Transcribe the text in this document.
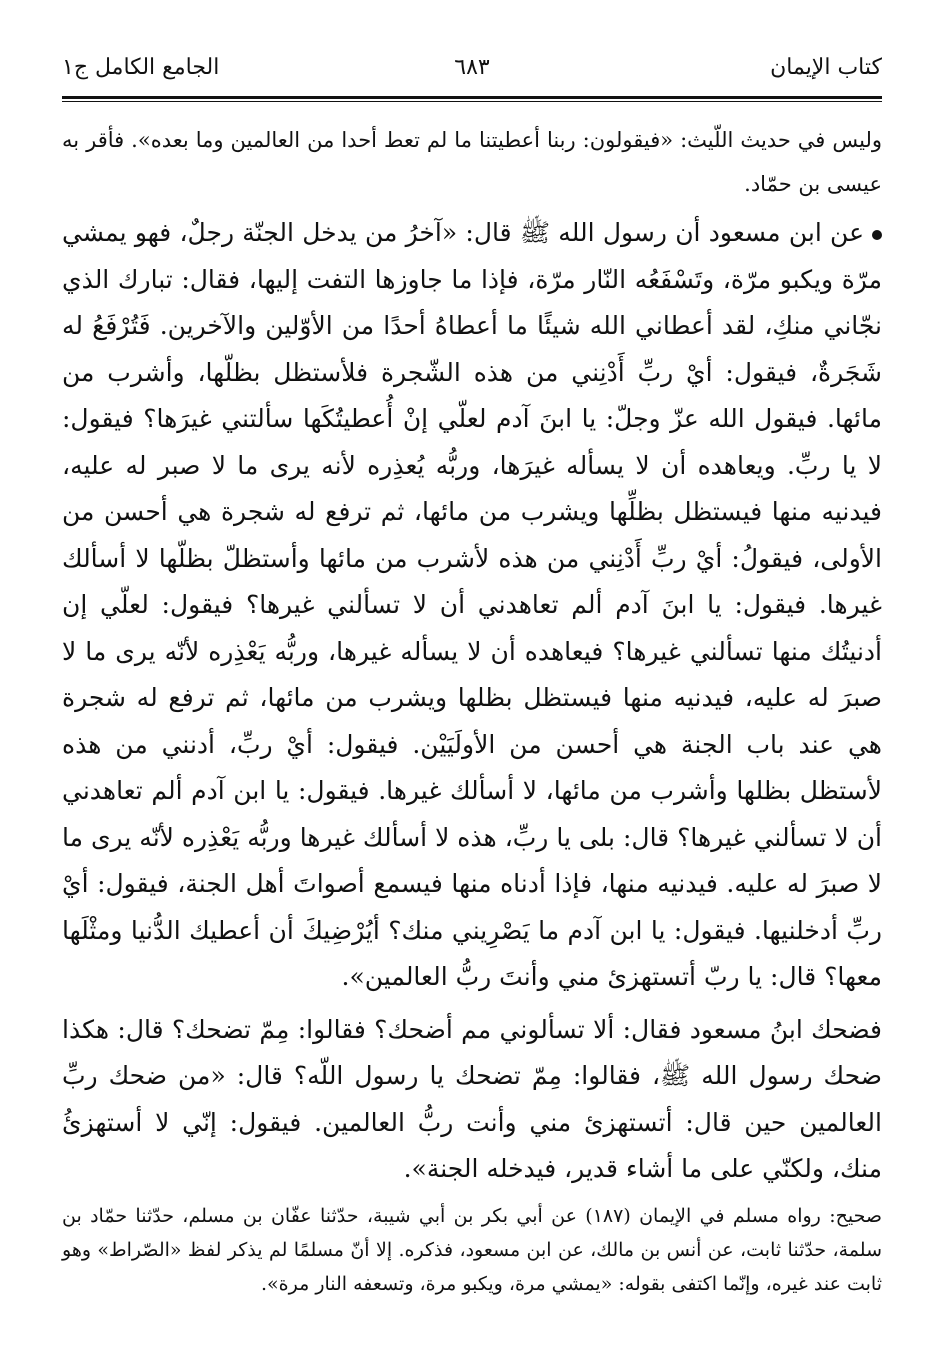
كتاب الإيمان
٦٨٣
الجامع الكامل ج١

وليس في حديث اللّيث: «فيقولون: ربنا أعطيتنا ما لم تعط أحدا من العالمين وما بعده». فأقر به عيسى بن حمّاد.

عن ابن مسعود أن رسول الله ﷺ قال: «آخرُ من يدخل الجنّة رجلٌ، فهو يمشي مرّة ويكبو مرّة، وتَسْفَعُه النّار مرّة، فإذا ما جاوزها التفت إليها، فقال: تبارك الذي نجّاني منكِ، لقد أعطاني الله شيئًا ما أعطاهُ أحدًا من الأوّلين والآخرين. فَتُرْفَعُ له شَجَرةٌ، فيقول: أيْ ربِّ أَدْنِني من هذه الشّجرة فلأستظل بظلّها، وأشرب من مائها. فيقول الله عزّ وجلّ: يا ابنَ آدم لعلّي إنْ أُعطيتُكَها سألتني غيرَها؟ فيقول: لا يا ربِّ. ويعاهده أن لا يسأله غيرَها، وربُّه يُعذِره لأنه يرى ما لا صبر له عليه، فيدنيه منها فيستظل بظلِّها ويشرب من مائها، ثم ترفع له شجرة هي أحسن من الأولى، فيقولُ: أيْ ربِّ أَدْنِني من هذه لأشرب من مائها وأستظلّ بظلّها لا أسألك غيرها. فيقول: يا ابنَ آدم ألم تعاهدني أن لا تسألني غيرها؟ فيقول: لعلّي إن أدنيتُك منها تسألني غيرها؟ فيعاهده أن لا يسأله غيرها، وربُّه يَعْذِره لأنّه يرى ما لا صبرَ له عليه، فيدنيه منها فيستظل بظلها ويشرب من مائها، ثم ترفع له شجرة هي عند باب الجنة هي أحسن من الأولَيَيْن. فيقول: أيْ ربِّ، أدنني من هذه لأستظل بظلها وأشرب من مائها، لا أسألك غيرها. فيقول: يا ابن آدم ألم تعاهدني أن لا تسألني غيرها؟ قال: بلى يا ربِّ، هذه لا أسألك غيرها وربُّه يَعْذِره لأنّه يرى ما لا صبرَ له عليه. فيدنيه منها، فإذا أدناه منها فيسمع أصواتَ أهل الجنة، فيقول: أيْ ربِّ أدخلنيها. فيقول: يا ابن آدم ما يَصْرِيني منك؟ أيُرْضِيكَ أن أعطيك الدُّنيا ومثْلَها معها؟ قال: يا ربّ أتستهزئ مني وأنتَ ربُّ العالمين».

فضحك ابنُ مسعود فقال: ألا تسألوني مم أضحك؟ فقالوا: مِمّ تضحك؟ قال: هكذا ضحك رسول الله ﷺ، فقالوا: مِمّ تضحك يا رسول اللّه؟ قال: «من ضحك ربِّ العالمين حين قال: أتستهزئ مني وأنت ربُّ العالمين. فيقول: إنّي لا أستهزئُ منك، ولكنّي على ما أشاء قدير، فيدخله الجنة».

صحيح: رواه مسلم في الإيمان (١٨٧) عن أبي بكر بن أبي شيبة، حدّثنا عفّان بن مسلم، حدّثنا حمّاد بن سلمة، حدّثنا ثابت، عن أنس بن مالك، عن ابن مسعود، فذكره. إلا أنّ مسلمًا لم يذكر لفظ «الصّراط» وهو ثابت عند غيره، وإنّما اكتفى بقوله: «يمشي مرة، ويكبو مرة، وتسعفه النار مرة».
